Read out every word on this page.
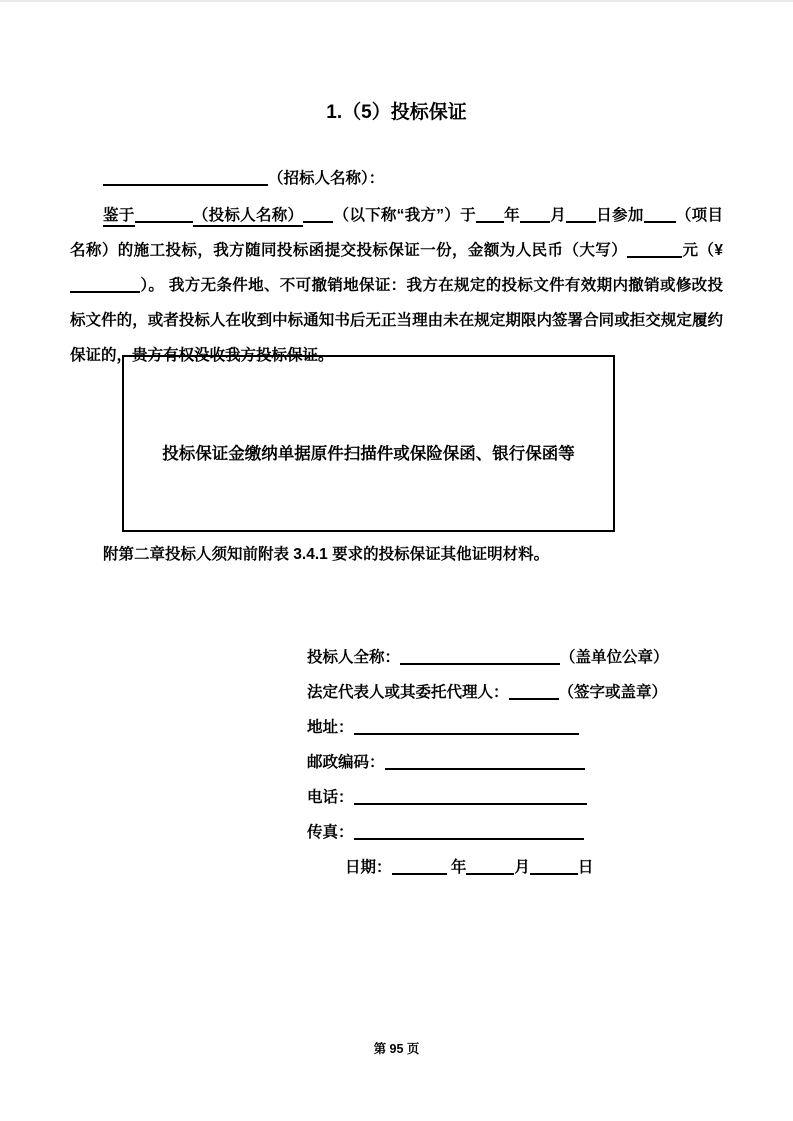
1.（5）投标保证
（招标人名称）：
鉴于	（投标人名称） （以下称“我方”）于 年 月 日参加 （项目名称）的施工投标，我方随同投标函提交投标保证一份，金额为人民币（大写）	元（¥）。 我方无条件地、不可撤销地保证：我方在规定的投标文件有效期内撤销或修改投标文件的，或者投标人在收到中标通知书后无正当理由未在规定期限内签署合同或拒交规定履约保证的，贵方有权没收我方投标保证。

投标保证金缴纳单据原件扫描件或保险保函、银行保函等

附第二章投标人须知前附表 3.4.1 要求的投标保证其他证明材料。
投标人全称：	（盖单位公章）
法定代表人或其委托代理人：	（签字或盖章）
地址：
邮政编码：
电话：
传真：
日期：	年	月	日
第 95 页
